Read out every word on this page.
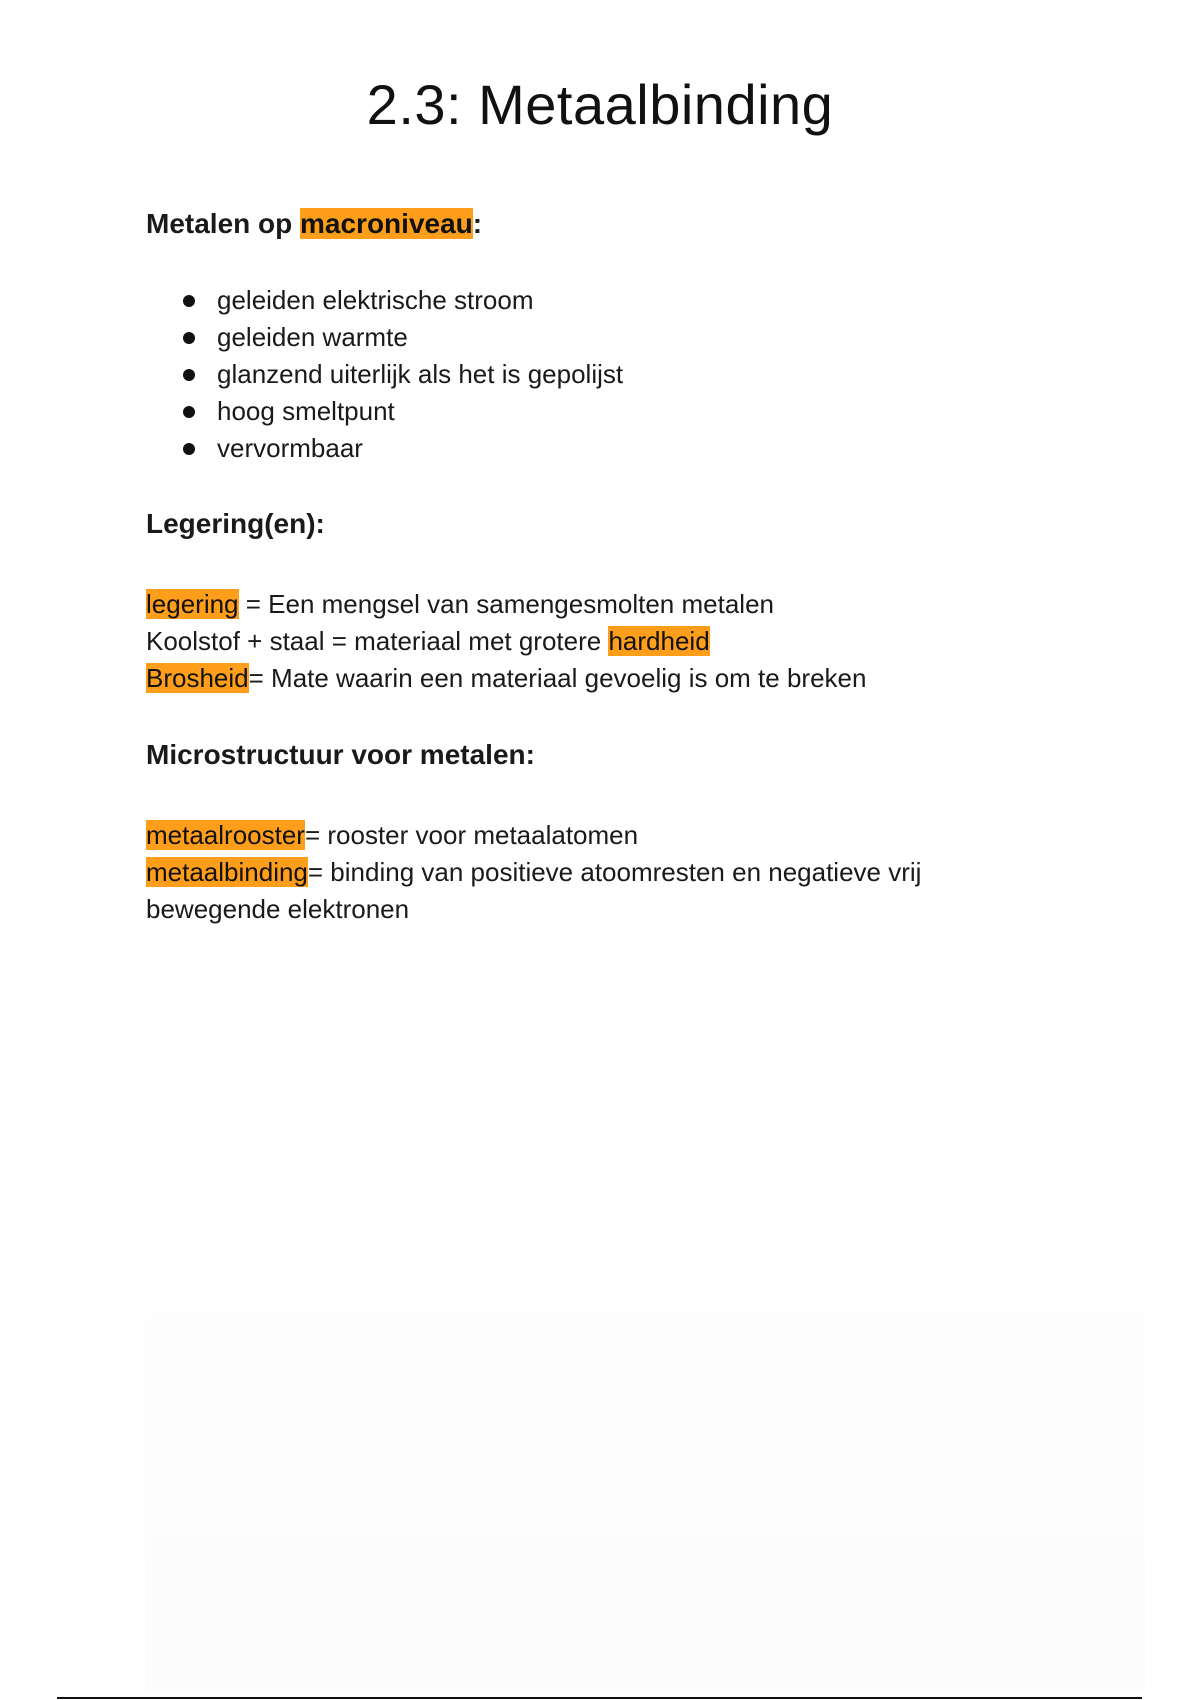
2.3: Metaalbinding
Metalen op macroniveau:
geleiden elektrische stroom
geleiden warmte
glanzend uiterlijk als het is gepolijst
hoog smeltpunt
vervormbaar
Legering(en):
legering = Een mengsel van samengesmolten metalen
Koolstof + staal = materiaal met grotere hardheid
Brosheid= Mate waarin een materiaal gevoelig is om te breken
Microstructuur voor metalen:
metaalrooster= rooster voor metaalatomen
metaalbinding= binding van positieve atoomresten en negatieve vrij
bewegende elektronen
